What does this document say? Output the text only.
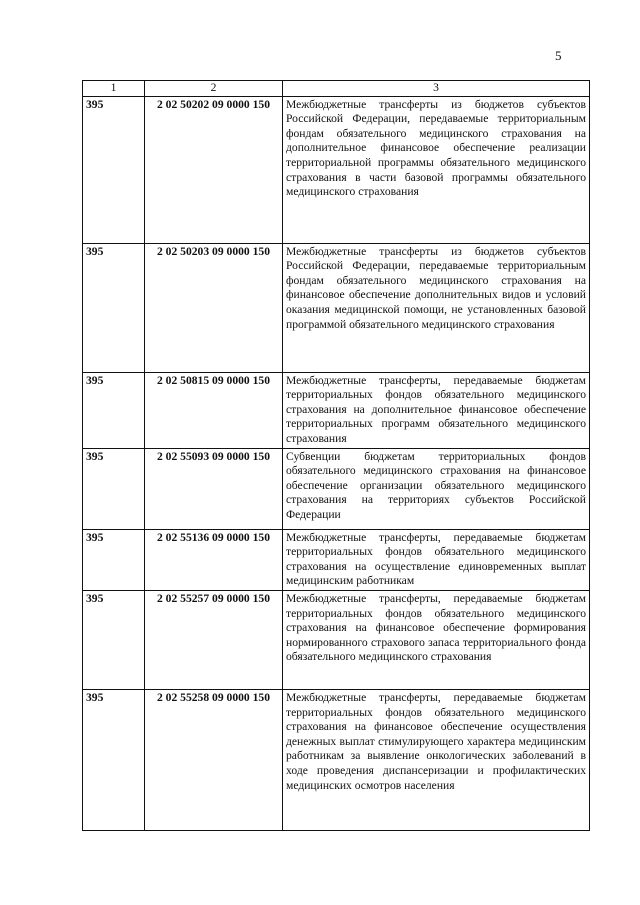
5
1	2	3
395	2 02 50202 09 0000 150	Межбюджетные трансферты из бюджетов субъектов Российской Федерации, передаваемые территориальным фондам обязательного медицинского страхования на дополнительное финансовое обеспечение реализации территориальной программы обязательного медицинского страхования в части базовой программы обязательного медицинского страхования
395	2 02 50203 09 0000 150	Межбюджетные трансферты из бюджетов субъектов Российской Федерации, передаваемые территориальным фондам обязательного медицинского страхования на финансовое обеспечение дополнительных видов и условий оказания медицинской помощи, не установленных базовой программой обязательного медицинского страхования
395	2 02 50815 09 0000 150	Межбюджетные трансферты, передаваемые бюджетам территориальных фондов обязательного медицинского страхования на дополнительное финансовое обеспечение территориальных программ обязательного медицинского страхования
395	2 02 55093 09 0000 150	Субвенции бюджетам территориальных фондов обязательного медицинского страхования на финансовое обеспечение организации обязательного медицинского страхования на территориях субъектов Российской Федерации
395	2 02 55136 09 0000 150	Межбюджетные трансферты, передаваемые бюджетам территориальных фондов обязательного медицинского страхования на осуществление единовременных выплат медицинским работникам
395	2 02 55257 09 0000 150	Межбюджетные трансферты, передаваемые бюджетам территориальных фондов обязательного медицинского страхования на финансовое обеспечение формирования нормированного страхового запаса территориального фонда обязательного медицинского страхования
395	2 02 55258 09 0000 150	Межбюджетные трансферты, передаваемые бюджетам территориальных фондов обязательного медицинского страхования на финансовое обеспечение осуществления денежных выплат стимулирующего характера медицинским работникам за выявление онкологических заболеваний в ходе проведения диспансеризации и профилактических медицинских осмотров населения
